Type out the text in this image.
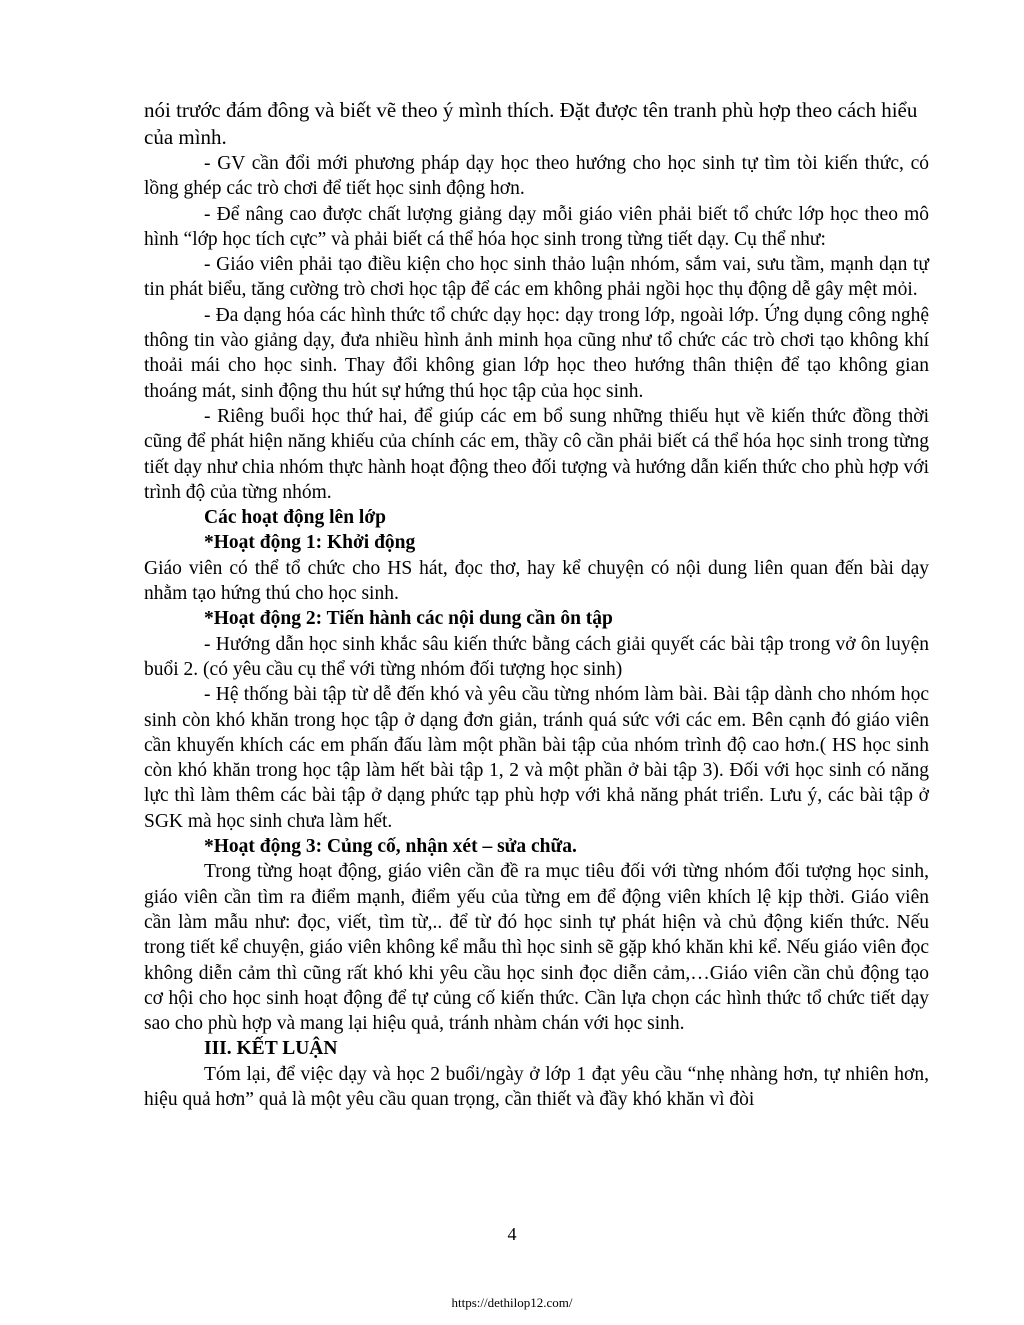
nói trước đám đông và biết vẽ theo ý mình thích. Đặt được tên tranh phù hợp theo cách hiểu của mình.

- GV cần đổi mới phương pháp dạy học theo hướng cho học sinh tự tìm tòi kiến thức, có lồng ghép các trò chơi để tiết học sinh động hơn.

- Để nâng cao được chất lượng giảng dạy mỗi giáo viên phải biết tổ chức lớp học theo mô hình “lớp học tích cực” và phải biết cá thể hóa học sinh trong từng tiết dạy. Cụ thể như:

- Giáo viên phải tạo điều kiện cho học sinh thảo luận nhóm, sắm vai, sưu tầm, mạnh dạn tự tin phát biểu, tăng cường trò chơi học tập để các em không phải ngồi học thụ động dễ gây mệt mỏi.

- Đa dạng hóa các hình thức tổ chức dạy học: dạy trong lớp, ngoài lớp. Ứng dụng công nghệ thông tin vào giảng dạy, đưa nhiều hình ảnh minh họa cũng như tổ chức các trò chơi tạo không khí thoải mái cho học sinh. Thay đổi không gian lớp học theo hướng thân thiện để tạo không gian thoáng mát, sinh động thu hút sự hứng thú học tập của học sinh.

- Riêng buổi học thứ hai, để giúp các em bổ sung những thiếu hụt về kiến thức đồng thời cũng để phát hiện năng khiếu của chính các em, thầy cô cần phải biết cá thể hóa học sinh trong từng tiết dạy như chia nhóm thực hành hoạt động theo đối tượng và hướng dẫn kiến thức cho phù hợp với trình độ của từng nhóm.

Các hoạt động lên lớp

*Hoạt động 1: Khởi động

Giáo viên có thể tổ chức cho HS hát, đọc thơ, hay kể chuyện có nội dung liên quan đến bài dạy nhằm tạo hứng thú cho học sinh.

*Hoạt động 2: Tiến hành các nội dung cần ôn tập

- Hướng dẫn học sinh khắc sâu kiến thức bằng cách giải quyết các bài tập trong vở ôn luyện buổi 2. (có yêu cầu cụ thể với từng nhóm đối tượng học sinh)

- Hệ thống bài tập từ dễ đến khó và yêu cầu từng nhóm làm bài. Bài tập dành cho nhóm học sinh còn khó khăn trong học tập ở dạng đơn giản, tránh quá sức với các em. Bên cạnh đó giáo viên cần khuyến khích các em phấn đấu làm một phần bài tập của nhóm trình độ cao hơn.( HS học sinh còn khó khăn trong học tập làm hết bài tập 1, 2 và một phần ở bài tập 3). Đối với học sinh có năng lực thì làm thêm các bài tập ở dạng phức tạp phù hợp với khả năng phát triển. Lưu ý, các bài tập ở SGK mà học sinh chưa làm hết.

*Hoạt động 3: Củng cố, nhận xét – sửa chữa.

Trong từng hoạt động, giáo viên cần đề ra mục tiêu đối với từng nhóm đối tượng học sinh, giáo viên cần tìm ra điểm mạnh, điểm yếu của từng em để động viên khích lệ kịp thời. Giáo viên cần làm mẫu như: đọc, viết, tìm từ,.. để từ đó học sinh tự phát hiện và chủ động kiến thức. Nếu trong tiết kể chuyện, giáo viên không kể mẫu thì học sinh sẽ gặp khó khăn khi kể. Nếu giáo viên đọc không diễn cảm thì cũng rất khó khi yêu cầu học sinh đọc diễn cảm,…Giáo viên cần chủ động tạo cơ hội cho học sinh hoạt động để tự củng cố kiến thức. Cần lựa chọn các hình thức tổ chức tiết dạy sao cho phù hợp và mang lại hiệu quả, tránh nhàm chán với học sinh.

III. KẾT LUẬN

Tóm lại, để việc dạy và học 2 buổi/ngày ở lớp 1 đạt yêu cầu “nhẹ nhàng hơn, tự nhiên hơn, hiệu quả hơn” quả là một yêu cầu quan trọng, cần thiết và đầy khó khăn vì đòi

4
https://dethilop12.com/
